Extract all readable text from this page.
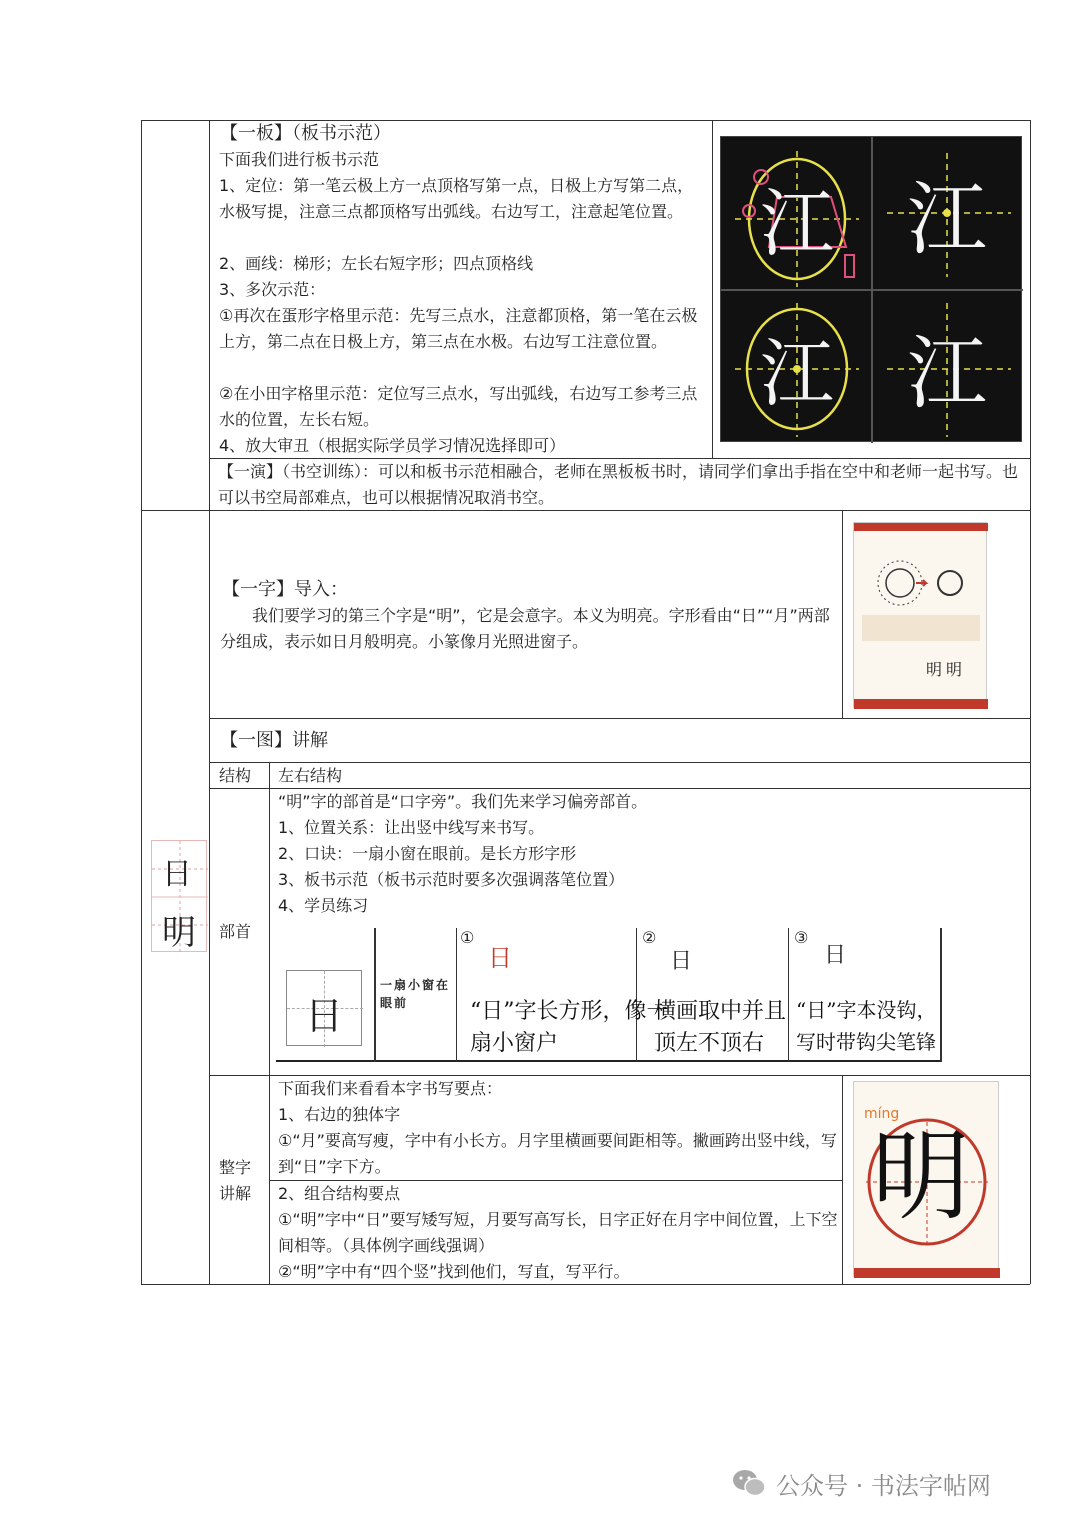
【一板】（板书示范）
下面我们进行板书示范
1、定位：第一笔云极上方一点顶格写第一点，日极上方写第二点，水极写提，注意三点都顶格写出弧线。右边写工，注意起笔位置。
2、画线：梯形；左长右短字形；四点顶格线
3、多次示范：
①再次在蛋形字格里示范：先写三点水，注意都顶格，第一笔在云极上方，第二点在日极上方，第三点在水极。右边写工注意位置。
②在小田字格里示范：定位写三点水，写出弧线，右边写工参考三点水的位置，左长右短。
4、放大审丑（根据实际学员学习情况选择即可）
江 江
江 江
【一演】（书空训练）：可以和板书示范相融合，老师在黑板板书时，请同学们拿出手指在空中和老师一起书写。也可以书空局部难点，也可以根据情况取消书空。
日
明
【一字】导入：
我们要学习的第三个字是“明”，它是会意字。本义为明亮。字形看由“日”“月”两部分组成，表示如日月般明亮。小篆像月光照进窗子。
明明
【一图】讲解
结构 左右结构
部首
“明”字的部首是“口字旁”。我们先来学习偏旁部首。
1、位置关系：让出竖中线写来书写。
2、口诀：一扇小窗在眼前。是长方形字形
3、板书示范（板书示范时要多次强调落笔位置）
4、学员练习
日
一扇小窗在眼前
①
日
“日”字长方形，像一
扇小窗户
②
日
横画取中并且
顶左不顶右
③
日
“日”字本没钩，
写时带钩尖笔锋
整字
讲解
下面我们来看看本字书写要点：
1、右边的独体字
①“月”要高写瘦，字中有小长方。月字里横画要间距相等。撇画跨出竖中线，写到“日”字下方。
2、组合结构要点
①“明”字中“日”要写矮写短，月要写高写长，日字正好在月字中间位置，上下空间相等。（具体例字画线强调）
②“明”字中有“四个竖”找到他们，写直，写平行。
míng
明
公众号 · 书法字帖网
